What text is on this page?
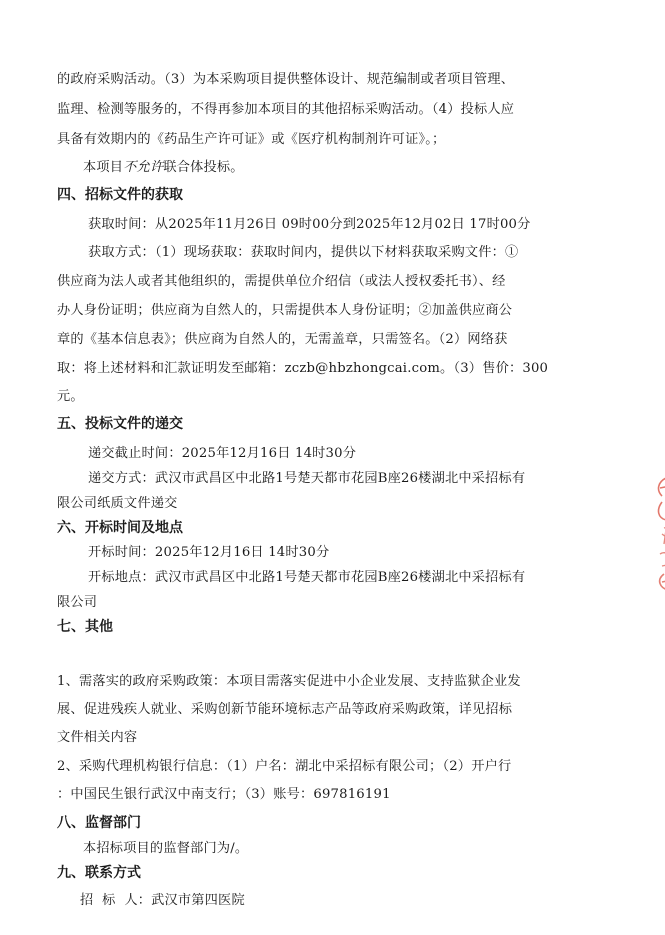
的政府采购活动。（3）为本采购项目提供整体设计、规范编制或者项目管理、
监理、检测等服务的，不得再参加本项目的其他招标采购活动。（4）投标人应
具备有效期内的《药品生产许可证》或《医疗机构制剂许可证》。；
本项目不允许联合体投标。
四、招标文件的获取
获取时间：从2025年11月26日 09时00分到2025年12月02日 17时00分
获取方式：（1）现场获取：获取时间内，提供以下材料获取采购文件：①
供应商为法人或者其他组织的，需提供单位介绍信（或法人授权委托书）、经
办人身份证明；供应商为自然人的，只需提供本人身份证明；②加盖供应商公
章的《基本信息表》；供应商为自然人的，无需盖章，只需签名。（2）网络获
取：将上述材料和汇款证明发至邮箱：zczb@hbzhongcai.com。（3）售价：300
元。
五、投标文件的递交
递交截止时间：2025年12月16日 14时30分
递交方式：武汉市武昌区中北路1号楚天都市花园B座26楼湖北中采招标有
限公司纸质文件递交
六、开标时间及地点
开标时间：2025年12月16日 14时30分
开标地点：武汉市武昌区中北路1号楚天都市花园B座26楼湖北中采招标有
限公司
七、其他
1、需落实的政府采购政策：本项目需落实促进中小企业发展、支持监狱企业发
展、促进残疾人就业、采购创新节能环境标志产品等政府采购政策，详见招标
文件相关内容
2、采购代理机构银行信息：（1）户名：湖北中采招标有限公司；（2）开户行
：中国民生银行武汉中南支行；（3）账号：697816191
八、监督部门
本招标项目的监督部门为/。
九、联系方式
招  标  人：武汉市第四医院
